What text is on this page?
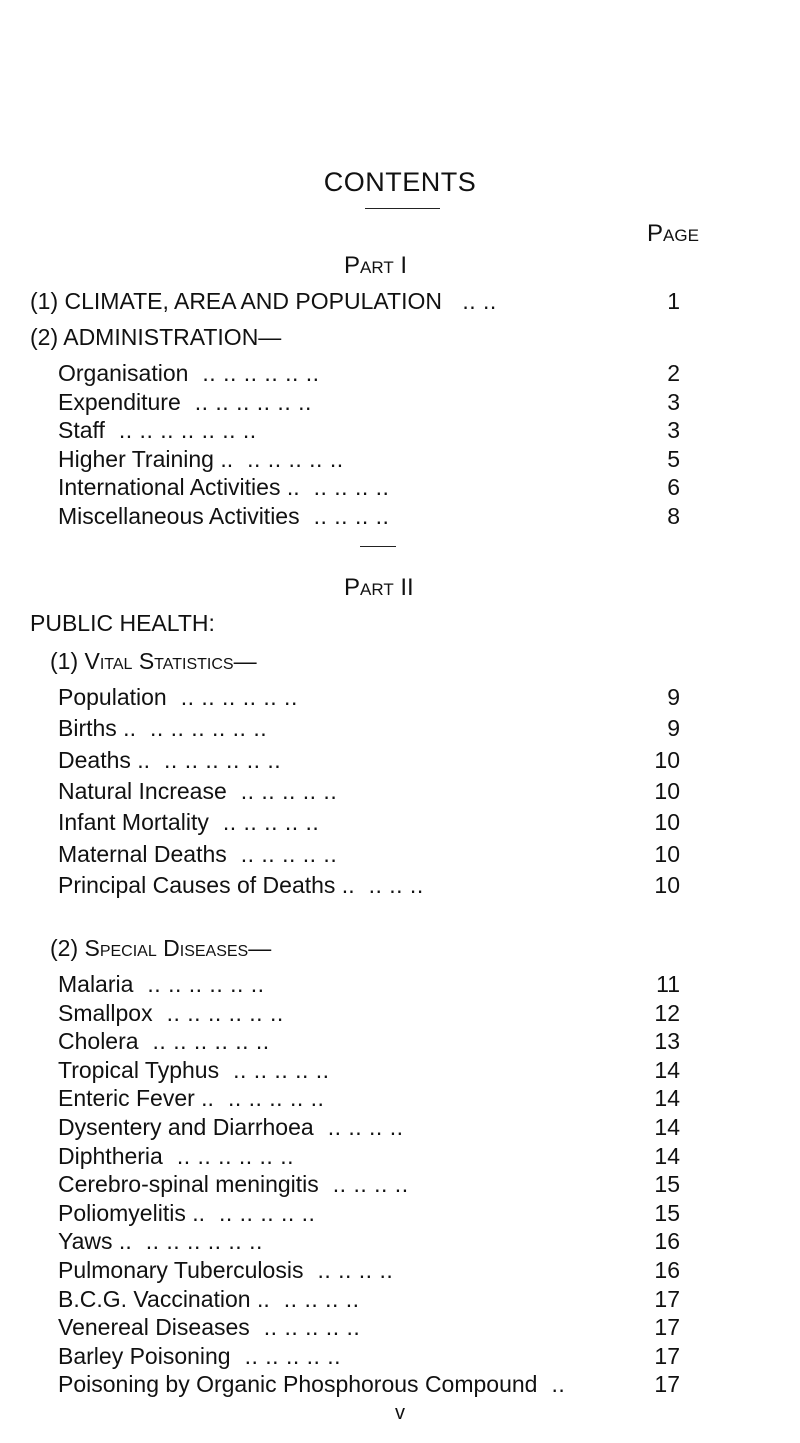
CONTENTS
Page
Part I
(1) CLIMATE, AREA AND POPULATION .. ..	1
(2) ADMINISTRATION—
Organisation .. .. .. .. .. ..	2
Expenditure .. .. .. .. .. ..	3
Staff .. .. .. .. .. .. ..	3
Higher Training .. .. .. .. .. ..	5
International Activities .. .. .. .. ..	6
Miscellaneous Activities .. .. .. ..	8
Part II
PUBLIC HEALTH:
(1) Vital Statistics—
Population .. .. .. .. .. ..	9
Births .. .. .. .. .. .. ..	9
Deaths .. .. .. .. .. .. ..	10
Natural Increase .. .. .. .. ..	10
Infant Mortality .. .. .. .. ..	10
Maternal Deaths .. .. .. .. ..	10
Principal Causes of Deaths .. .. .. ..	10
(2) Special Diseases—
Malaria .. .. .. .. .. ..	11
Smallpox .. .. .. .. .. ..	12
Cholera .. .. .. .. .. ..	13
Tropical Typhus .. .. .. .. ..	14
Enteric Fever .. .. .. .. .. ..	14
Dysentery and Diarrhoea .. .. .. ..	14
Diphtheria .. .. .. .. .. ..	14
Cerebro-spinal meningitis .. .. .. ..	15
Poliomyelitis .. .. .. .. .. ..	15
Yaws .. .. .. .. .. .. ..	16
Pulmonary Tuberculosis .. .. .. ..	16
B.C.G. Vaccination .. .. .. .. ..	17
Venereal Diseases .. .. .. .. ..	17
Barley Poisoning .. .. .. .. ..	17
Poisoning by Organic Phosphorous Compound ..	17
v
